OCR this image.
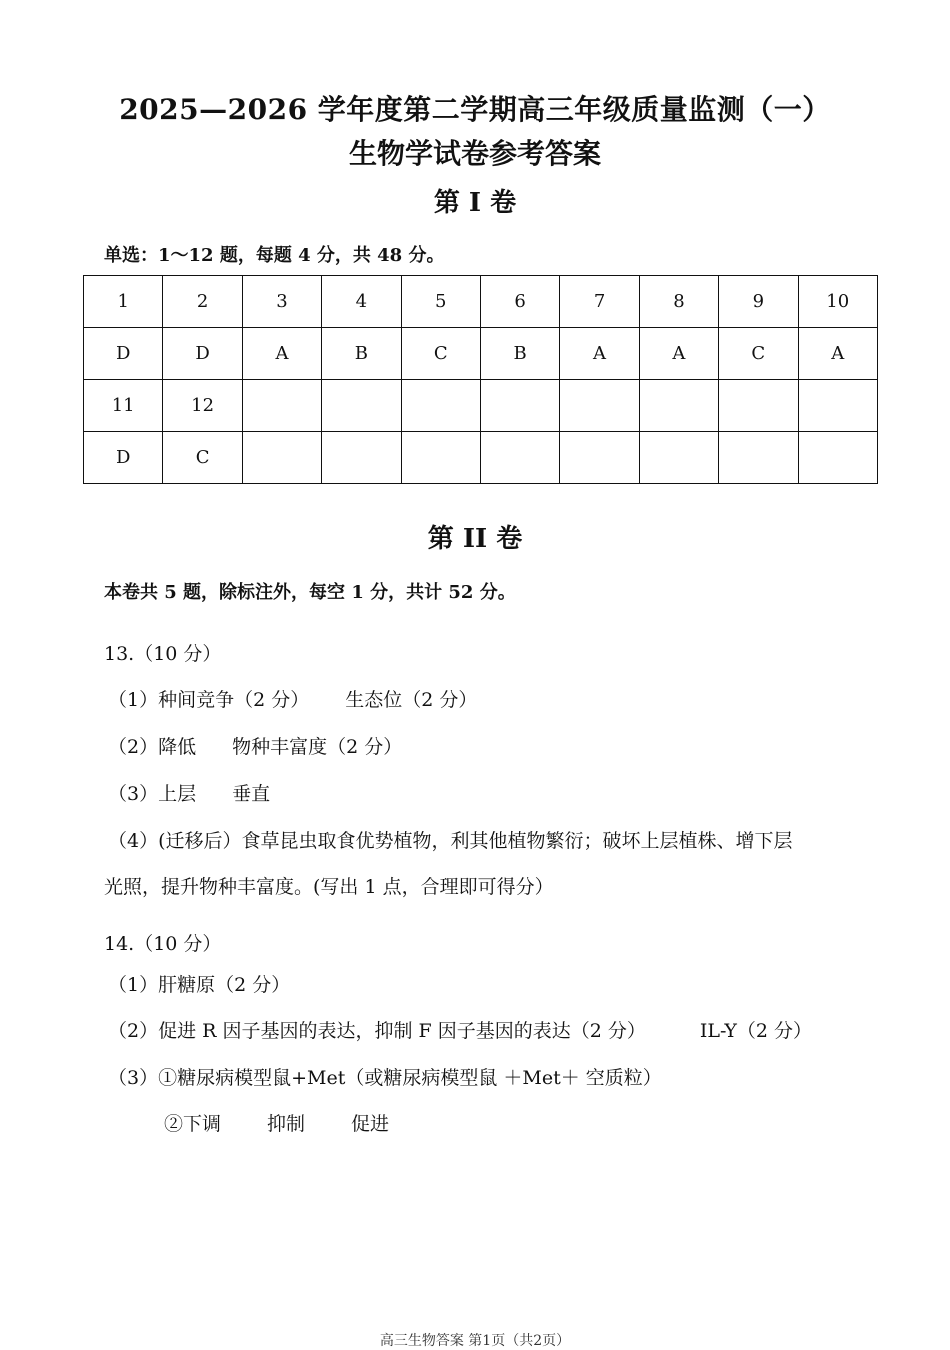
2025—2026 学年度第二学期高三年级质量监测（一）
生物学试卷参考答案
第 I 卷
单选：1～12 题，每题 4 分，共 48 分。
1	2	3	4	5	6	7	8	9	10
D	D	A	B	C	B	A	A	C	A
11	12								
D	C								
第 II 卷
本卷共 5 题，除标注外，每空 1 分，共计 52 分。
13.（10 分）
（1）种间竞争（2 分） 生态位（2 分）
（2）降低 物种丰富度（2 分）
（3）上层 垂直
（4）(迁移后）食草昆虫取食优势植物，利其他植物繁衍；破坏上层植株、增下层
光照，提升物种丰富度。(写出 1 点，合理即可得分）
14.（10 分）
（1）肝糖原（2 分）
（2）促进 R 因子基因的表达，抑制 F 因子基因的表达（2 分）	IL-Y（2 分）
（3）①糖尿病模型鼠+Met（或糖尿病模型鼠 ＋Met＋ 空质粒）
②下调 抑制 促进
高三生物答案 第1页（共2页）
